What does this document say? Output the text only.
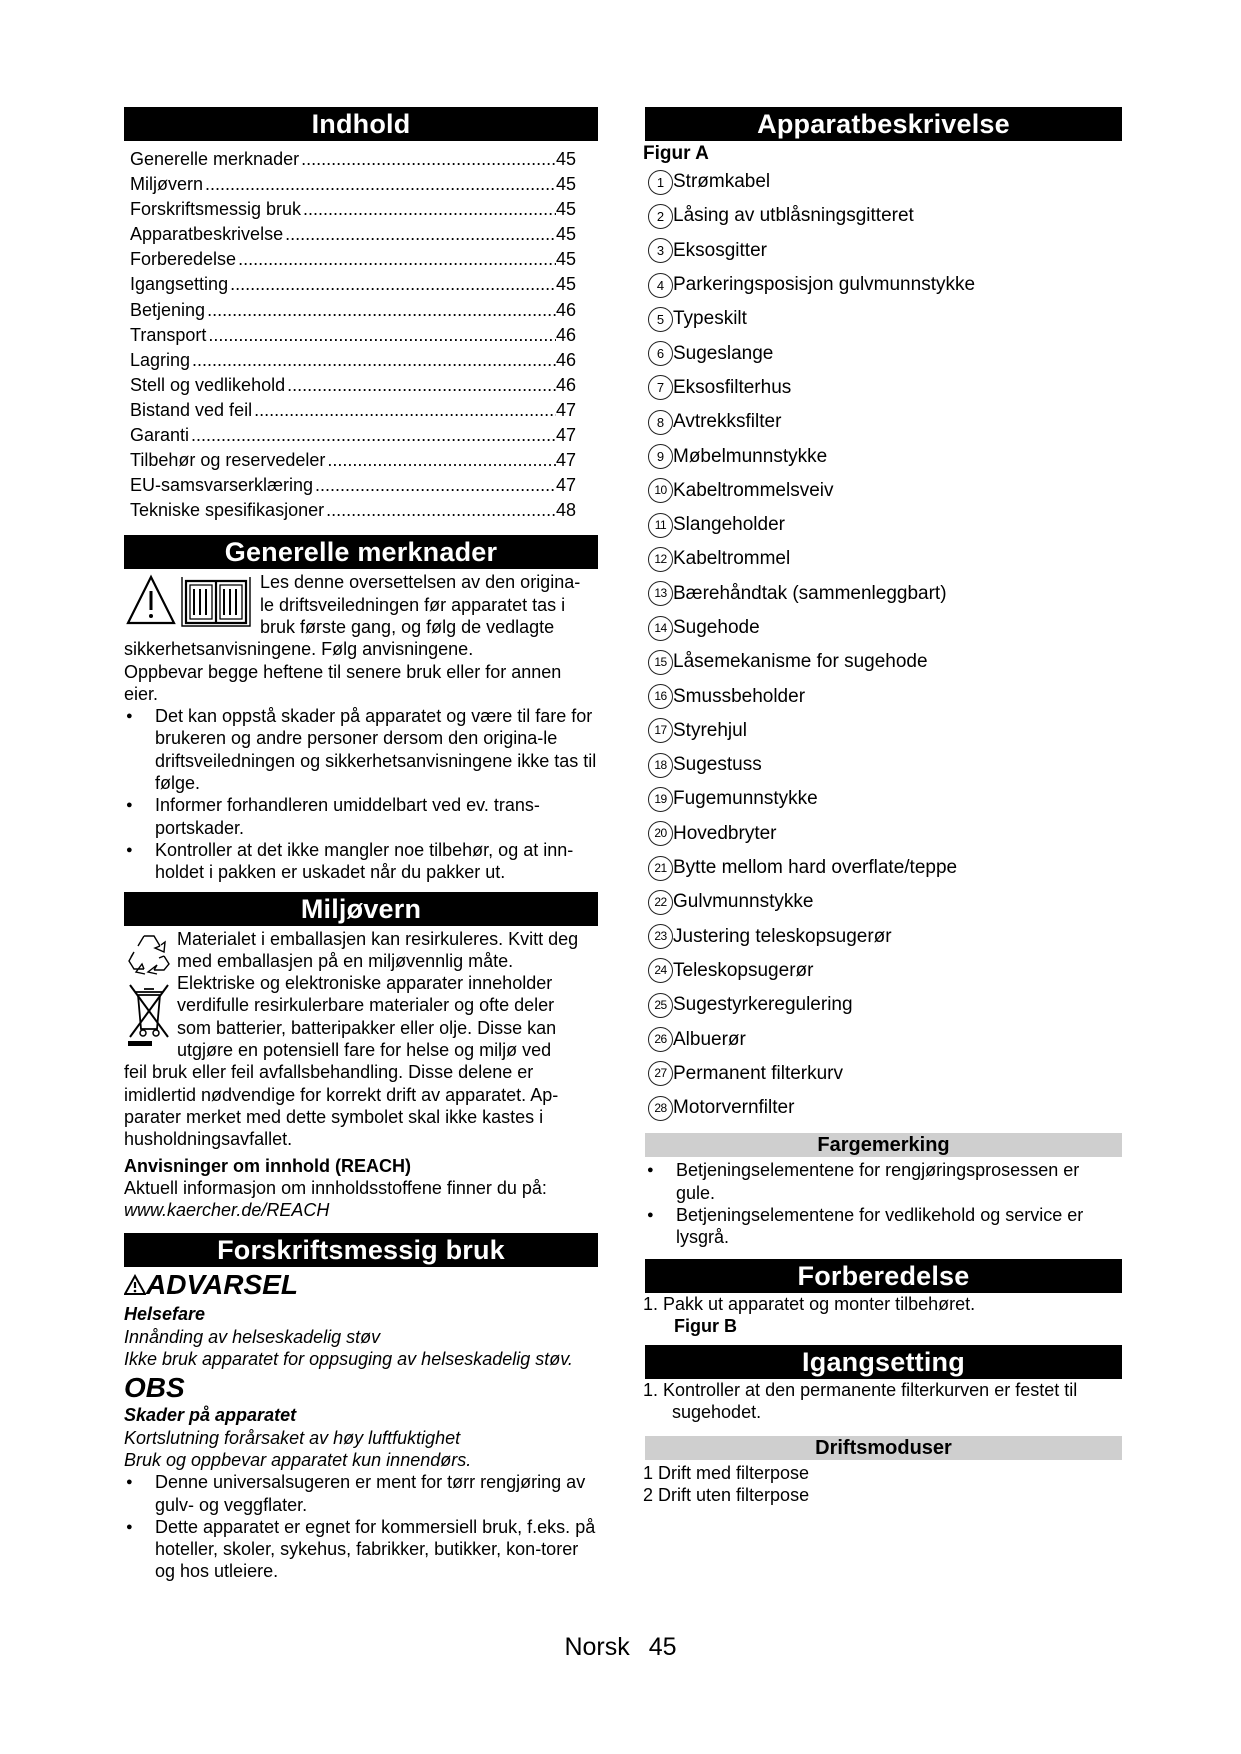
Indhold
Generelle merknader .....	45
Miljøvern .....	45
Forskriftsmessig bruk .....	45
Apparatbeskrivelse .....	45
Forberedelse .....	45
Igangsetting .....	45
Betjening .....	46
Transport .....	46
Lagring .....	46
Stell og vedlikehold .....	46
Bistand ved feil .....	47
Garanti .....	47
Tilbehør og reservedeler .....	47
EU-samsvarserklæring .....	47
Tekniske spesifikasjoner .....	48
Generelle merknader

Les denne oversettelsen av den origina-

le driftsveiledningen før apparatet tas i

bruk første gang, og følg de vedlagte

sikkerhetsanvisningene. Følg anvisningene.

Oppbevar begge heftene til senere bruk eller for annen eier.

● Det kan oppstå skader på apparatet og være til fare for brukeren og andre personer dersom den origina-le driftsveiledningen og sikkerhetsanvisningene ikke tas til følge.
● Informer forhandleren umiddelbart ved ev. trans-portskader.
● Kontroller at det ikke mangler noe tilbehør, og at inn-holdet i pakken er uskadet når du pakker ut.
Miljøvern

Materialet i emballasjen kan resirkuleres. Kvitt deg med emballasjen på en miljøvennlig måte.

Elektriske og elektroniske apparater inneholder

verdifulle resirkulerbare materialer og ofte deler

som batterier, batteripakker eller olje. Disse kan

utgjøre en potensiell fare for helse og miljø ved

feil bruk eller feil avfallsbehandling. Disse delene er imidlertid nødvendige for korrekt drift av apparatet. Ap-parater merket med dette symbolet skal ikke kastes i husholdningsavfallet.

Anvisninger om innhold (REACH)

Aktuell informasjon om innholdsstoffene finner du på:

www.kaercher.de/REACH

Forskriftsmessig bruk
ADVARSEL

Helsefare

Innånding av helseskadelig støv

Ikke bruk apparatet for oppsuging av helseskadelig støv.

OBS

Skader på apparatet

Kortslutning forårsaket av høy luftfuktighet

Bruk og oppbevar apparatet kun innendørs.

● Denne universalsugeren er ment for tørr rengjøring av gulv- og veggflater.
● Dette apparatet er egnet for kommersiell bruk, f.eks. på hoteller, skoler, sykehus, fabrikker, butikker, kon-torer og hos utleiere.
Apparatbeskrivelse

Figur A

1 Strømkabel
2 Låsing av utblåsningsgitteret
3 Eksosgitter
4 Parkeringsposisjon gulvmunnstykke
5 Typeskilt
6 Sugeslange
7 Eksosfilterhus
8 Avtrekksfilter
9 Møbelmunnstykke
10 Kabeltrommelsveiv
11 Slangeholder
12 Kabeltrommel
13 Bærehåndtak (sammenleggbart)
14 Sugehode
15 Låsemekanisme for sugehode
16 Smussbeholder
17 Styrehjul
18 Sugestuss
19 Fugemunnstykke
20 Hovedbryter
21 Bytte mellom hard overflate/teppe
22 Gulvmunnstykke
23 Justering teleskopsugerør
24 Teleskopsugerør
25 Sugestyrkeregulering
26 Albuerør
27 Permanent filterkurv
28 Motorvernfilter
Fargemerking
● Betjeningselementene for rengjøringsprosessen er gule.
● Betjeningselementene for vedlikehold og service er lysgrå.
Forberedelse

1. Pakk ut apparatet og monter tilbehøret.

Figur B

Igangsetting

1. Kontroller at den permanente filterkurven er festet til sugehodet.

Driftsmoduser

1 Drift med filterpose

2 Drift uten filterpose

Norsk 45
